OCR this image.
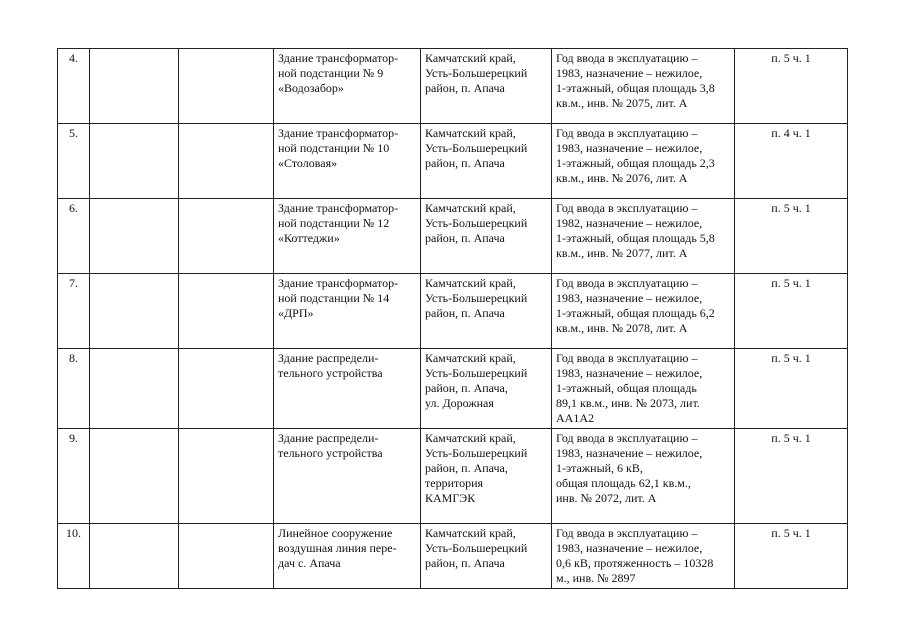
4.			Здание трансформатор-
ной подстанции № 9
«Водозабор»	Камчатский край,
Усть-Большерецкий
район, п. Апача	Год ввода в эксплуатацию –
1983, назначение – нежилое,
1-этажный, общая площадь 3,8
кв.м., инв. № 2075, лит. А	п. 5 ч. 1
5.			Здание трансформатор-
ной подстанции № 10
«Столовая»	Камчатский край,
Усть-Большерецкий
район, п. Апача	Год ввода в эксплуатацию –
1983, назначение – нежилое,
1-этажный, общая площадь 2,3
кв.м., инв. № 2076, лит. А	п. 4 ч. 1
6.			Здание трансформатор-
ной подстанции № 12
«Коттеджи»	Камчатский край,
Усть-Большерецкий
район, п. Апача	Год ввода в эксплуатацию –
1982, назначение – нежилое,
1-этажный, общая площадь 5,8
кв.м., инв. № 2077, лит. А	п. 5 ч. 1
7.			Здание трансформатор-
ной подстанции № 14
«ДРП»	Камчатский край,
Усть-Большерецкий
район, п. Апача	Год ввода в эксплуатацию –
1983, назначение – нежилое,
1-этажный, общая площадь 6,2
кв.м., инв. № 2078, лит. А	п. 5 ч. 1
8.			Здание распредели-
тельного устройства	Камчатский край,
Усть-Большерецкий
район, п. Апача,
ул. Дорожная	Год ввода в эксплуатацию –
1983, назначение – нежилое,
1-этажный, общая площадь
89,1 кв.м., инв. № 2073, лит.
АА1А2	п. 5 ч. 1
9.			Здание распредели-
тельного устройства	Камчатский край,
Усть-Большерецкий
район, п. Апача,
территория
КАМГЭК	Год ввода в эксплуатацию –
1983, назначение – нежилое,
1-этажный, 6 кВ,
общая площадь 62,1 кв.м.,
инв. № 2072, лит. А	п. 5 ч. 1
10.			Линейное сооружение
воздушная линия пере-
дач с. Апача	Камчатский край,
Усть-Большерецкий
район, п. Апача	Год ввода в эксплуатацию –
1983, назначение – нежилое,
0,6 кВ, протяженность – 10328
м., инв. № 2897	п. 5 ч. 1
